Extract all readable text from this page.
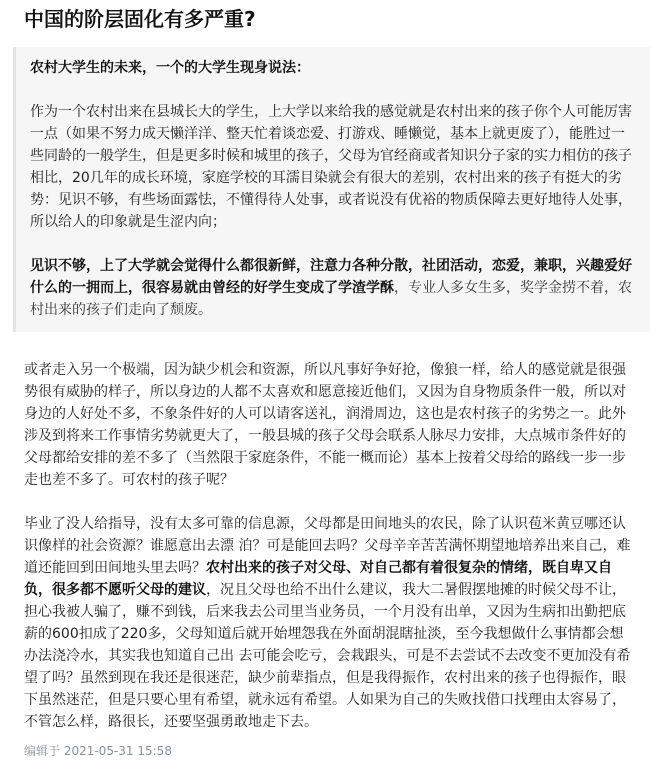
中国的阶层固化有多严重?

农村大学生的未来，一个的大学生现身说法：

作为一个农村出来在县城长大的学生，上大学以来给我的感觉就是农村出来的孩子你个人可能厉害一点（如果不努力成天懒洋洋、整天忙着谈恋爱、打游戏、睡懒觉，基本上就更废了），能胜过一些同龄的一般学生，但是更多时候和城里的孩子，父母为官经商或者知识分子家的实力相仿的孩子相比，20几年的成长环境，家庭学校的耳濡目染就会有很大的差别，农村出来的孩子有挺大的劣势：见识不够，有些场面露怯，不懂得待人处事，或者说没有优裕的物质保障去更好地待人处事，所以给人的印象就是生涩内向；

见识不够，上了大学就会觉得什么都很新鲜，注意力各种分散，社团活动，恋爱，兼职，兴趣爱好什么的一拥而上，很容易就由曾经的好学生变成了学渣学酥，专业人多女生多，奖学金捞不着，农村出来的孩子们走向了颓废。

或者走入另一个极端，因为缺少机会和资源，所以凡事好争好抢，像狼一样，给人的感觉就是很强势很有威胁的样子，所以身边的人都不太喜欢和愿意接近他们，又因为自身物质条件一般，所以对身边的人好处不多，不象条件好的人可以请客送礼，润滑周边，这也是农村孩子的劣势之一。此外涉及到将来工作事情劣势就更大了，一般县城的孩子父母会联系人脉尽力安排，大点城市条件好的父母都给安排的差不多了（当然限于家庭条件，不能一概而论）基本上按着父母给的路线一步一步走也差不多了。可农村的孩子呢？

毕业了没人给指导，没有太多可靠的信息源，父母都是田间地头的农民，除了认识苞米黄豆哪还认识像样的社会资源？谁愿意出去漂 泊？可是能回去吗？父母辛辛苦苦满怀期望地培养出来自己，难道还能回到田间地头里去吗？农村出来的孩子对父母、对自己都有着很复杂的情绪，既自卑又自负，很多都不愿听父母的建议，况且父母也给不出什么建议，我大二暑假摆地摊的时候父母不让，担心我被人骗了，赚不到钱，后来我去公司里当业务员，一个月没有出单，又因为生病扣出勤把底薪的600扣成了220多，父母知道后就开始埋怨我在外面胡混瞎扯淡，至今我想做什么事情都会想办法浇冷水，其实我也知道自己出 去可能会吃亏，会栽跟头，可是不去尝试不去改变不更加没有希望了吗？虽然到现在我还是很迷茫，缺少前辈指点，但是我得振作，农村出来的孩子也得振作，眼下虽然迷茫，但是只要心里有希望，就永远有希望。人如果为自己的失败找借口找理由太容易了，不管怎么样，路很长，还要坚强勇敢地走下去。

编辑于 2021-05-31 15:58
